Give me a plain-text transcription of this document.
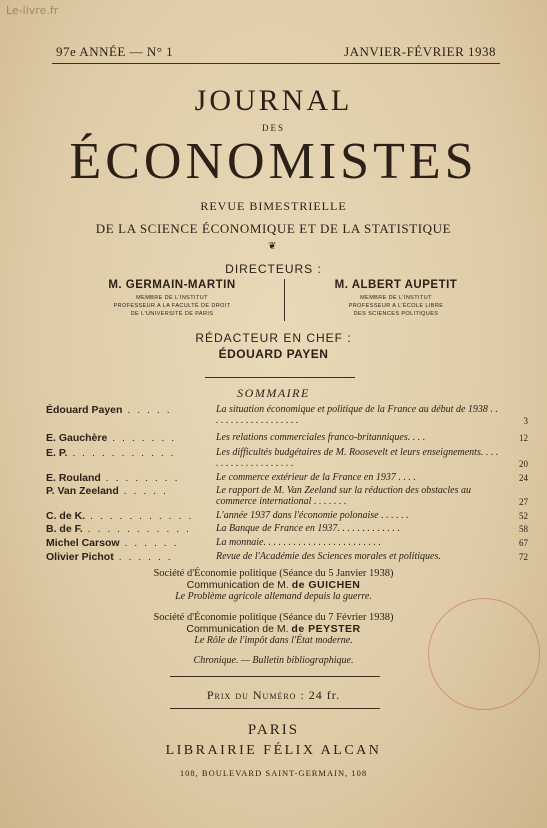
Le-livre.fr
97e ANNÉE — N° 1	JANVIER-FÉVRIER 1938
JOURNAL
DES
ÉCONOMISTES
REVUE BIMESTRIELLE
DE LA SCIENCE ÉCONOMIQUE ET DE LA STATISTIQUE
❦
DIRECTEURS :
M. GERMAIN-MARTIN
MEMBRE DE L'INSTITUT
PROFESSEUR A LA FACULTÉ DE DROIT
DE L'UNIVERSITÉ DE PARIS
M. ALBERT AUPETIT
MEMBRE DE L'INSTITUT
PROFESSEUR A L'ÉCOLE LIBRE
DES SCIENCES POLITIQUES
RÉDACTEUR EN CHEF :
ÉDOUARD PAYEN
SOMMAIRE
Édouard Payen . . . . .	La situation économique et politique de la France au début de 1938 . . . . . . . . . . . . . . . . . . .	3
E. Gauchère . . . . . . .	Les relations commerciales franco-britanniques. . . .	12
E. P. . . . . . . . . . . .	Les difficultés budgétaires de M. Roosevelt et leurs enseignements. . . . . . . . . . . . . . . . . . . .	20
E. Rouland . . . . . . . .	Le commerce extérieur de la France en 1937 . . . .	24
P. Van Zeeland . . . . .	Le rapport de M. Van Zeeland sur la réduction des obstacles au commerce international . . . . . . .	27
C. de K. . . . . . . . . . . .	L'année 1937 dans l'économie polonaise . . . . . .	52
B. de F. . . . . . . . . . . .	La Banque de France en 1937. . . . . . . . . . . . .	58
Michel Carsow . . . . . .	La monnaie. . . . . . . . . . . . . . . . . . . . . . . .	67
Olivier Pichot . . . . . .	Revue de l'Académie des Sciences morales et politiques.	72
Société d'Économie politique (Séance du 5 Janvier 1938)
Communication de M. de GUICHEN
Le Problème agricole allemand depuis la guerre.
Société d'Économie politique (Séance du 7 Février 1938)
Communication de M. de PEYSTER
Le Rôle de l'impôt dans l'État moderne.
Chronique. — Bulletin bibliographique.
Prix du Numéro : 24 fr.
PARIS
LIBRAIRIE FÉLIX ALCAN
108, BOULEVARD SAINT-GERMAIN, 108
